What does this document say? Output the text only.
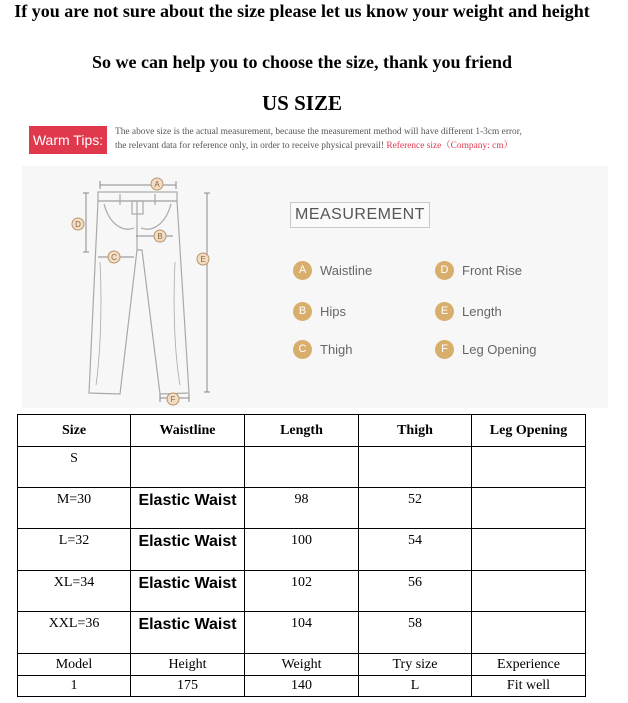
If you are not sure about the size please let us know your weight and height
So we can help you to choose the size, thank you friend
US SIZE
Warm Tips:	The above size is the actual measurement, because the measurement method will have different 1-3cm error,
the relevant data for reference only, in order to receive physical prevail! Reference size（Company: cm）
A
B
C
D
E
F
MEASUREMENT
A	Waistline	D	Front Rise
B	Hips	E	Length
C	Thigh	F	Leg Opening
Size	Waistline	Length	Thigh	Leg Opening
S				
M=30	Elastic Waist	98	52	
L=32	Elastic Waist	100	54	
XL=34	Elastic Waist	102	56	
XXL=36	Elastic Waist	104	58	
Model	Height	Weight	Try size	Experience
1	175	140	L	Fit well
